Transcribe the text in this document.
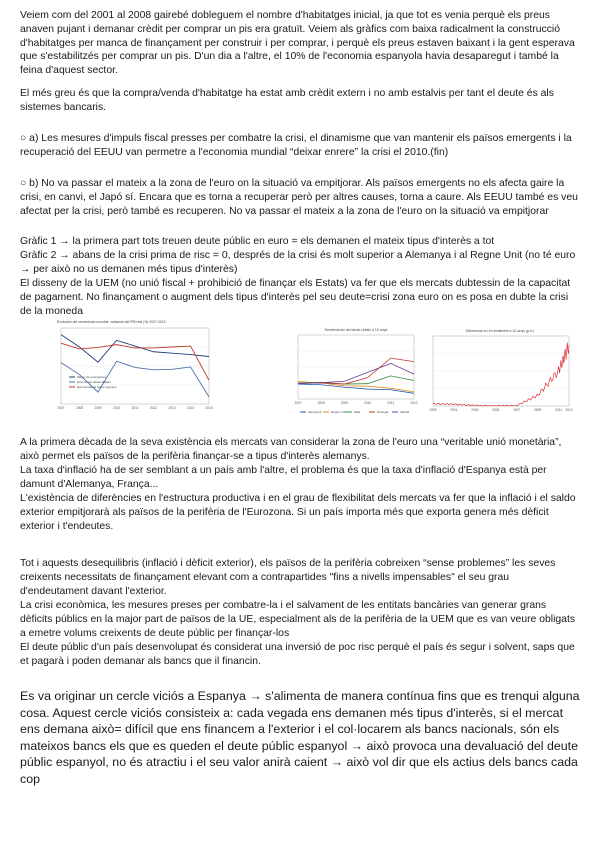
Veiem com del 2001 al 2008 gairebé dobleguem el nombre d'habitatges inicial, ja que tot es venia perquè els preus anaven pujant i demanar crèdit per comprar un pis era gratuït. Veiem als gràfics com baixa radicalment la construcció d'habitatges per manca de finançament per construir i per comprar, i perquè els preus estaven baixant i la gent esperava que s'estabilitzés per comprar un pis. D'un dia a l'altre, el 10% de l'economia espanyola havia desaparegut i també la feina d'aquest sector.

El més greu és que la compra/venda d'habitatge ha estat amb crèdit extern i no amb estalvis per tant el deute és als sistemes bancaris.

○ a) Les mesures d'impuls fiscal presses per combatre la crisi, el dinamisme que van mantenir els països emergents i la recuperació del EEUU van permetre a l'economia mundial “deixar enrere” la crisi el 2010.(fin)

○ b) No va passar el mateix a la zona de l'euro on la situació va empitjorar. Als països emergents no els afecta gaire la crisi, en canvi, el Japó sí. Encara que es torna a recuperar però per altres causes, torna a caure. Als EEUU també es veu afectat per la crisi, però també es recuperen. No va passar el mateix a la zona de l'euro on la situació va empitjorar

Gràfic 1 → la primera part tots treuen deute públic en euro = els demanen el mateix tipus d'interès a tot

Gràfic 2 → abans de la crisi prima de risc = 0, després de la crisi és molt superior a Alemanya i al Regne Unit (no té euro → per això no us demanen més tipus d'interès)

El disseny de la UEM (no unió fiscal + prohibició de finançar els Estats) va fer que els mercats dubtessin de la capacitat de pagament. No finançament o augment dels tipus d'interès pel seu deute=crisi zona euro on es posa en dubte la crisi de la moneda

Evolución del crecimiento mundial: variación del PIB real (%) 2007-2015
2007	2008	2009	2010	2011	2012	2013	2014	2015
Mayor de emergentes
Economías desarrolladas
Economías de bajos ingresos
Rendimiento del deute públic a 10 anys
2007	2008	2009	2010	2011	2012
Alemanya	Regne Unit	Itàlia	Portugal	Irlanda
Diferencial en el rendiment a 10 anys (p.b.)
1999	2001	2003	2005	2007	2009	2011 2012

A la primera dècada de la seva existència els mercats van considerar la zona de l'euro una “veritable unió monetària”, això permet els països de la perifèria finançar-se a tipus d'interès alemanys.

La taxa d'inflació ha de ser semblant a un país amb l'altre, el problema és que la taxa d'inflació d'Espanya està per damunt d'Alemanya, França...

L'existència de diferències en l'estructura productiva i en el grau de flexibilitat dels mercats va fer que la inflació i el saldo exterior empitjorarà als països de la perifèria de l'Eurozona. Si un país importa més que exporta genera més dèficit exterior i t'endeutes.

Tot i aquests desequilibris (inflació i dèficit exterior), els països de la perifèria cobreixen “sense problemes” les seves creixents necessitats de finançament elevant com a contrapartides "fins a nivells impensables" el seu grau d'endeutament davant l'exterior.

La crisi econòmica, les mesures preses per combatre-la i el salvament de les entitats bancàries van generar grans dèficits públics en la major part de països de la UE, especialment als de la perifèria de la UEM que es van veure obligats a emetre volums creixents de deute públic per finançar-los

El deute públic d'un país desenvolupat és considerat una inversió de poc risc perquè el país és segur i solvent, saps que et pagarà i poden demanar als bancs que il financin.

Es va originar un cercle viciós a Espanya → s'alimenta de manera contínua fins que es trenqui alguna cosa. Aquest cercle viciós consisteix a: cada vegada ens demanen més tipus d'interès, si el mercat ens demana això= difícil que ens financem a l'exterior i el col·locarem als bancs nacionals, són els mateixos bancs els que es queden el deute públic espanyol → això provoca una devaluació del deute públic espanyol, no és atractiu i el seu valor anirà caient → això vol dir que els actius dels bancs cada cop
